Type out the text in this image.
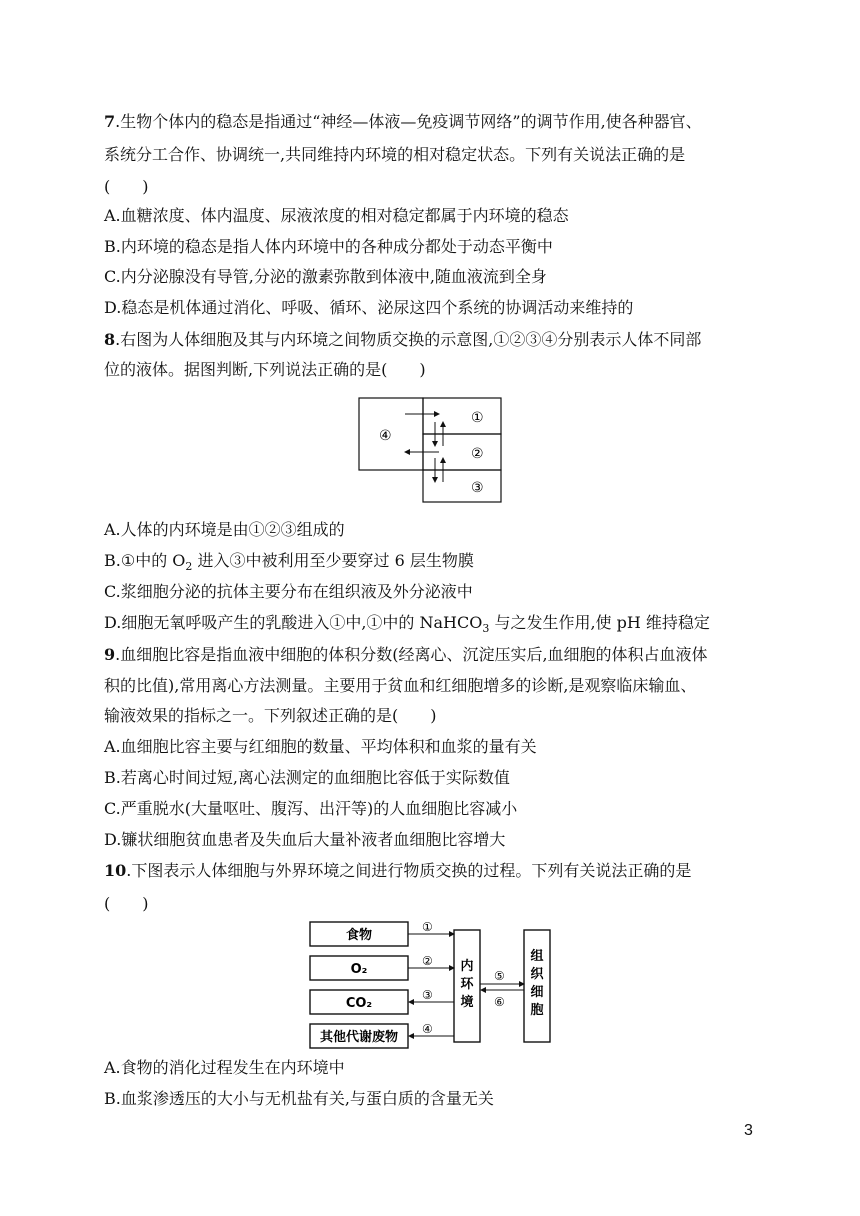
7.生物个体内的稳态是指通过“神经—体液—免疫调节网络”的调节作用,使各种器官、
系统分工合作、协调统一,共同维持内环境的相对稳定状态。下列有关说法正确的是
(　　)
A.血糖浓度、体内温度、尿液浓度的相对稳定都属于内环境的稳态
B.内环境的稳态是指人体内环境中的各种成分都处于动态平衡中
C.内分泌腺没有导管,分泌的激素弥散到体液中,随血液流到全身
D.稳态是机体通过消化、呼吸、循环、泌尿这四个系统的协调活动来维持的
8.右图为人体细胞及其与内环境之间物质交换的示意图,①②③④分别表示人体不同部
位的液体。据图判断,下列说法正确的是(　　)
④
①
②
③
A.人体的内环境是由①②③组成的
B.①中的 $O_2$ 进入③中被利用至少要穿过 6 层生物膜
C.浆细胞分泌的抗体主要分布在组织液及外分泌液中
D.细胞无氧呼吸产生的乳酸进入①中,①中的 NaHCO$_3$ 与之发生作用,使 pH 维持稳定
9.血细胞比容是指血液中细胞的体积分数(经离心、沉淀压实后,血细胞的体积占血液体
积的比值),常用离心方法测量。主要用于贫血和红细胞增多的诊断,是观察临床输血、
输液效果的指标之一。下列叙述正确的是(　　)
A.血细胞比容主要与红细胞的数量、平均体积和血浆的量有关
B.若离心时间过短,离心法测定的血细胞比容低于实际数值
C.严重脱水(大量呕吐、腹泻、出汗等)的人血细胞比容减小
D.镰状细胞贫血患者及失血后大量补液者血细胞比容增大
10.下图表示人体细胞与外界环境之间进行物质交换的过程。下列有关说法正确的是
(　　)
食物
O₂
CO₂
其他代谢废物
内
环
境
组
织
细
胞
①
②
③
④
⑤
⑥
A.食物的消化过程发生在内环境中
B.血浆渗透压的大小与无机盐有关,与蛋白质的含量无关
3
